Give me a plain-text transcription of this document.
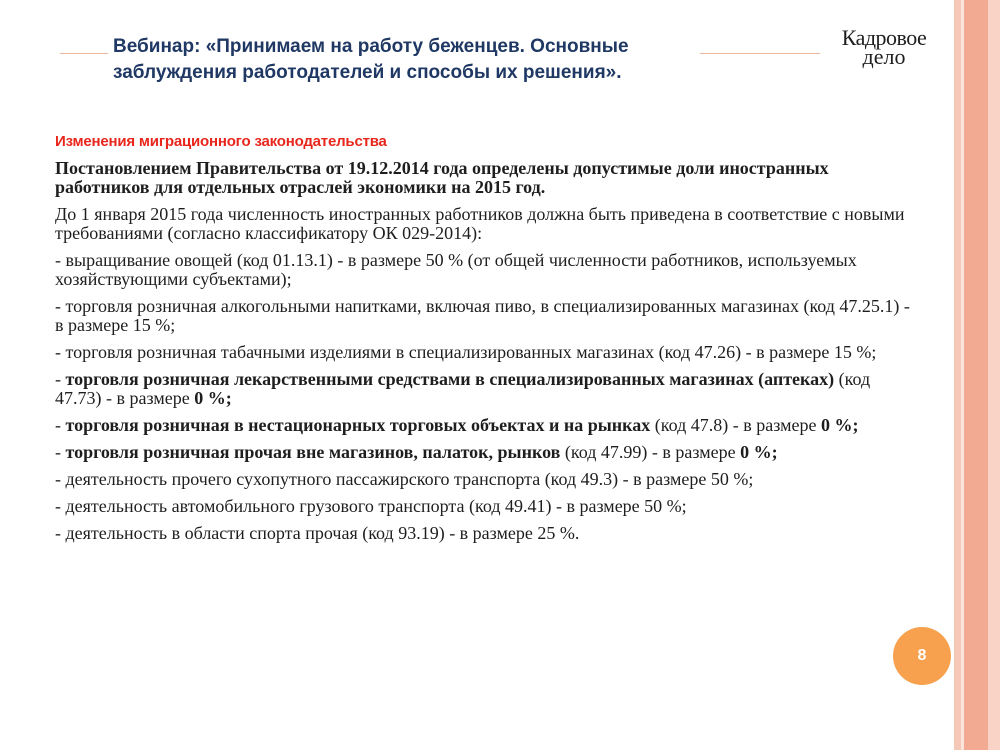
Вебинар: «Принимаем на работу беженцев. Основные
заблуждения работодателей и способы их решения».
Кадровое
дело
Изменения миграционного законодательства

Постановлением Правительства от 19.12.2014 года определены допустимые доли иностранных работников для отдельных отраслей экономики на 2015 год.

До 1 января 2015 года численность иностранных работников должна быть приведена в соответствие с новыми требованиями (согласно классификатору ОК 029-2014):

- выращивание овощей (код 01.13.1) - в размере 50 % (от общей численности работников, используемых хозяйствующими субъектами);

- торговля розничная алкогольными напитками, включая пиво, в специализированных магазинах (код 47.25.1) - в размере 15 %;

- торговля розничная табачными изделиями в специализированных магазинах (код 47.26) - в размере 15 %;

- торговля розничная лекарственными средствами в специализированных магазинах (аптеках) (код 47.73) - в размере 0 %;

- торговля розничная в нестационарных торговых объектах и на рынках (код 47.8) - в размере 0 %;

- торговля розничная прочая вне магазинов, палаток, рынков (код 47.99) - в размере 0 %;

- деятельность прочего сухопутного пассажирского транспорта (код 49.3) - в размере 50 %;

- деятельность автомобильного грузового транспорта (код 49.41) - в размере 50 %;

- деятельность в области спорта прочая (код 93.19) - в размере 25 %.

8
